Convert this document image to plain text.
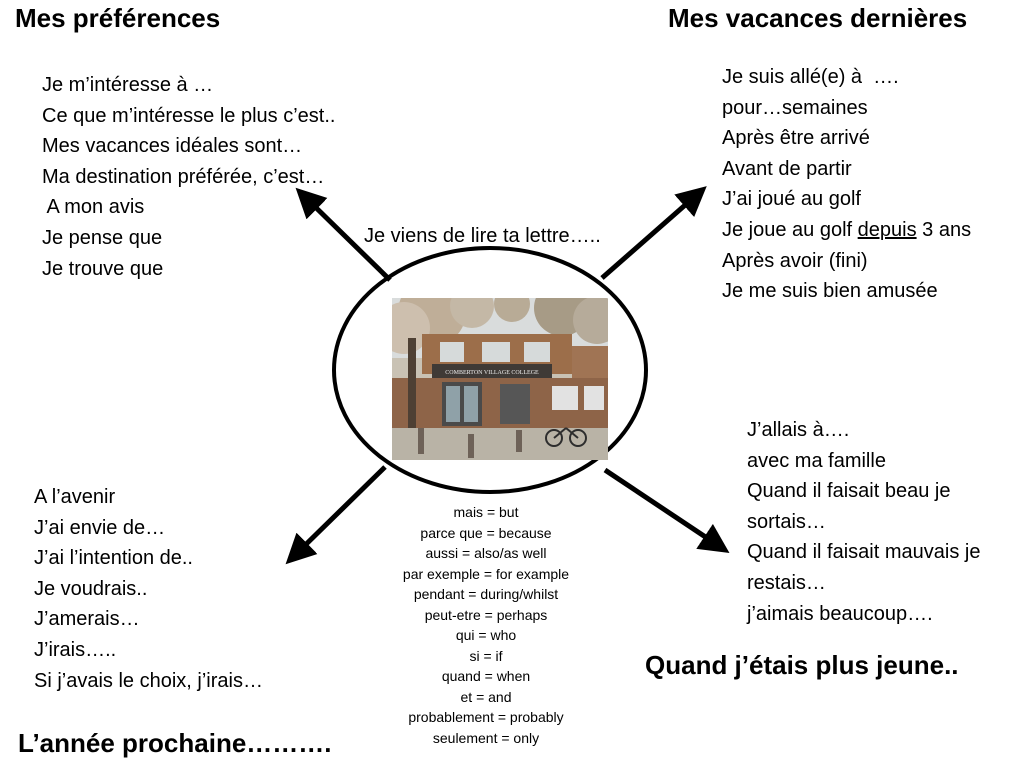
Mes préférences	Mes vacances dernières
Quand j’étais plus jeune..
L’année prochaine……….
Je m’intéresse à …
Ce que m’intéresse le plus c’est..
Mes vacances idéales sont…
Ma destination préférée, c’est…
A mon avis
Je pense que
Je trouve que
Je suis allé(e) à  ….
pour…semaines
Après être arrivé
Avant de partir
J’ai joué au golf
Je joue au golf depuis 3 ans
Après avoir (fini)
Je me suis bien amusée
J’allais à….
avec ma famille
Quand il faisait beau je
sortais…
Quand il faisait mauvais je
restais…
j’aimais beaucoup….
A l’avenir
J’ai envie de…
J’ai l’intention de..
Je voudrais..
J’amerais…
J’irais…..
Si j’avais le choix, j’irais…
Je viens de lire ta lettre…..
COMBERTON VILLAGE COLLEGE
mais = but
parce que = because
aussi = also/as well
par exemple = for example
pendant = during/whilst
peut-etre = perhaps
qui = who
si = if
quand = when
et = and
probablement = probably
seulement = only
